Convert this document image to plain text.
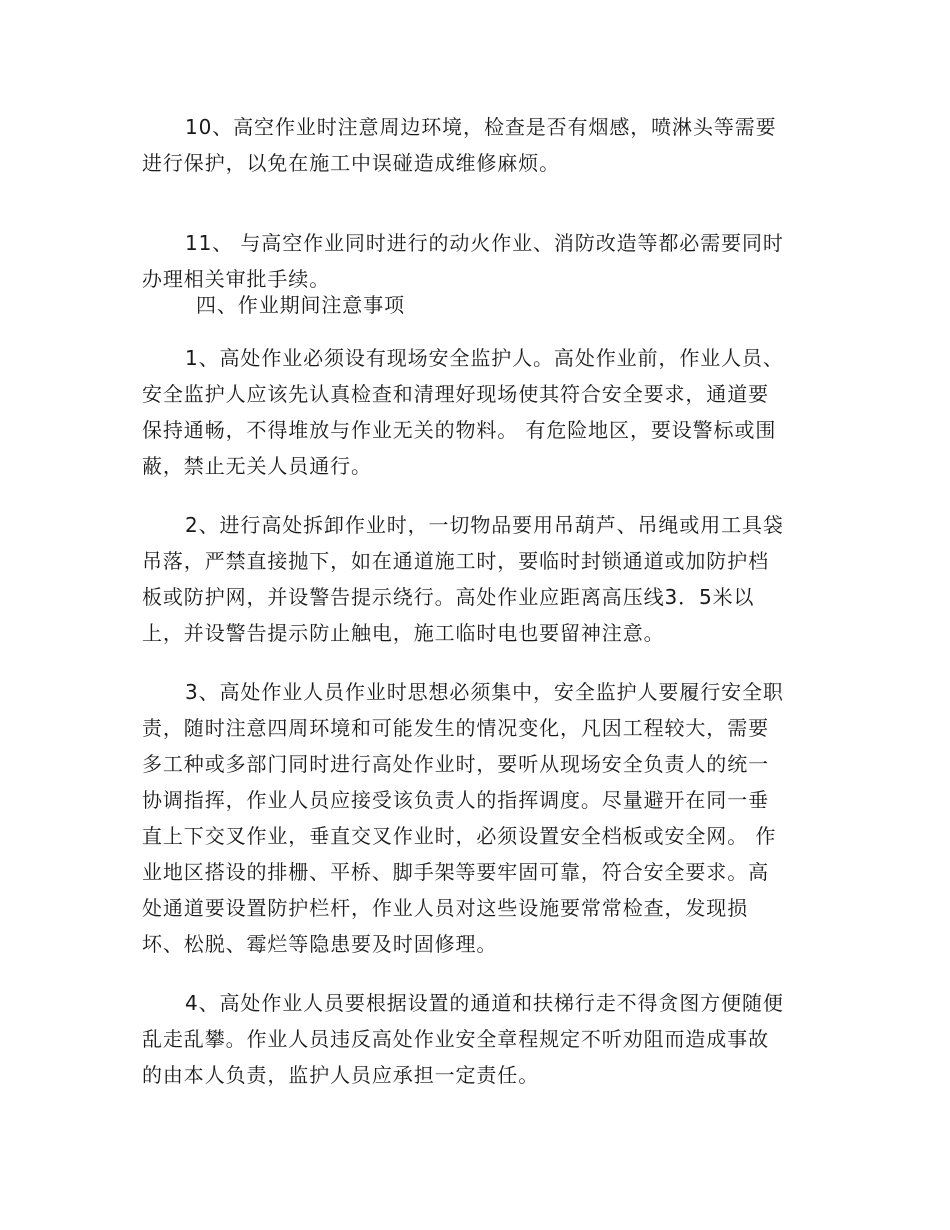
10、高空作业时注意周边环境，检查是否有烟感，喷淋头等需要

进行保护，以免在施工中误碰造成维修麻烦。

11、 与高空作业同时进行的动火作业、消防改造等都必需要同时

办理相关审批手续。

四、作业期间注意事项

1、高处作业必须设有现场安全监护人。高处作业前，作业人员、

安全监护人应该先认真检查和清理好现场使其符合安全要求，通道要

保持通畅，不得堆放与作业无关的物料。 有危险地区，要设警标或围

蔽，禁止无关人员通行。

2、进行高处拆卸作业时，一切物品要用吊葫芦、吊绳或用工具袋

吊落，严禁直接抛下，如在通道施工时，要临时封锁通道或加防护档

板或防护网，并设警告提示绕行。高处作业应距离高压线3．5米以

上，并设警告提示防止触电，施工临时电也要留神注意。

3、高处作业人员作业时思想必须集中，安全监护人要履行安全职

责，随时注意四周环境和可能发生的情况变化，凡因工程较大，需要

多工种或多部门同时进行高处作业时，要听从现场安全负责人的统一

协调指挥，作业人员应接受该负责人的指挥调度。尽量避开在同一垂

直上下交叉作业，垂直交叉作业时，必须设置安全档板或安全网。 作

业地区搭设的排栅、平桥、脚手架等要牢固可靠，符合安全要求。高

处通道要设置防护栏杆，作业人员对这些设施要常常检查，发现损

坏、松脱、霉烂等隐患要及时固修理。

4、高处作业人员要根据设置的通道和扶梯行走不得贪图方便随便

乱走乱攀。作业人员违反高处作业安全章程规定不听劝阻而造成事故

的由本人负责，监护人员应承担一定责任。
